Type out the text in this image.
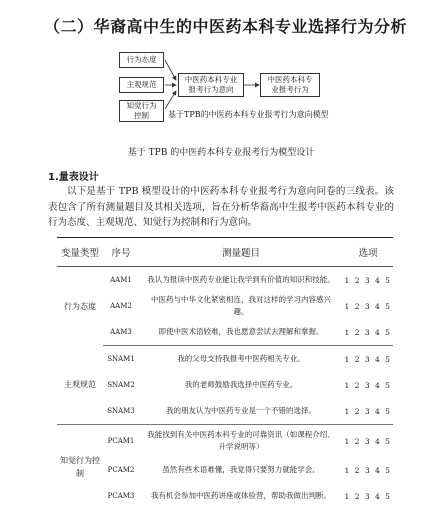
（二）华裔高中生的中医药本科专业选择行为分析
行为态度
主观规范
知觉行为
控制
中医药本科专业
报考行为意向
中医药本科专
业报考行为
基于TPB的中医药本科专业报考行为意向模型

基于 TPB 的中医药本科专业报考行为模型设计

1.量表设计

以下是基于 TPB 模型设计的中医药本科专业报考行为意向问卷的三线表。该表包含了所有测量题目及其相关选项，旨在分析华裔高中生报考中医药本科专业的行为态度、主观规范、知觉行为控制和行为意向。

变量类型	序号	测量题目	选项
行为态度	AAM1	我认为报读中医药专业能让我学到有价值的知识和技能。	1 2 3 4 5
	AAM2	中医药与中华文化紧密相连，我对这样的学习内容感兴趣。	1 2 3 4 5
	AAM3	即使中医术语较难，我也愿意尝试去理解和掌握。	1 2 3 4 5
主观规范	SNAM1	我的父母支持我报考中医药相关专业。	1 2 3 4 5
	SNAM2	我的老师鼓励我选择中医药专业。	1 2 3 4 5
	SNAM3	我的朋友认为中医药专业是一个不错的选择。	1 2 3 4 5
知觉行为控制	PCAM1	我能找到有关中医药本科专业的可靠资讯（如课程介绍、升学说明等）	1 2 3 4 5
	PCAM2	虽然有些术语难懂，我觉得只要努力就能学会。	1 2 3 4 5
	PCAM3	我有机会参加中医药讲座或体验营，帮助我做出判断。	1 2 3 4 5
